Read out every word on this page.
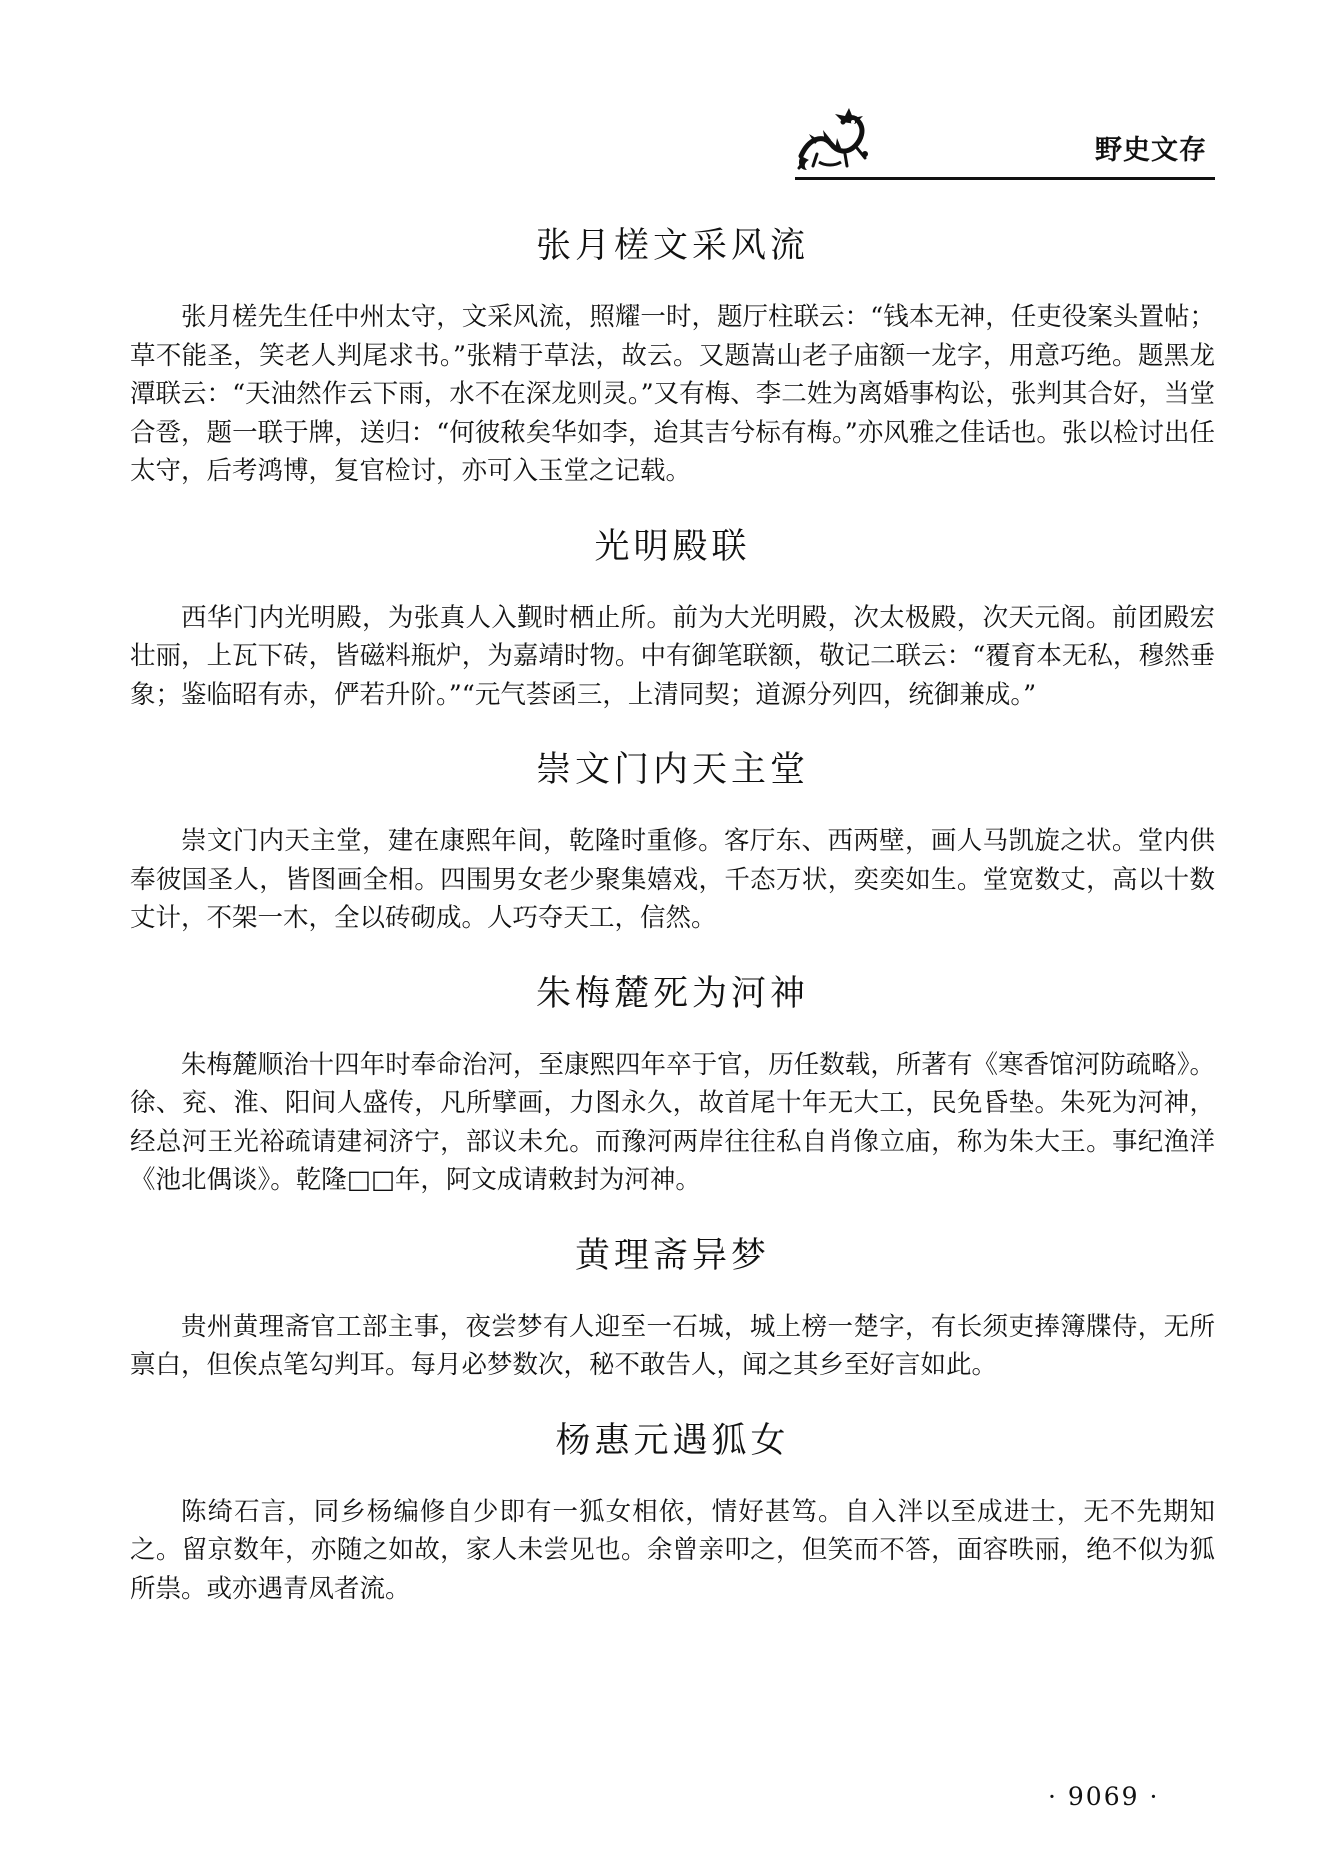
野史文存
张月槎文采风流

张月槎先生任中州太守，文采风流，照耀一时，题厅柱联云：“钱本无神，任吏役案头置帖；草不能圣，笑老人判尾求书。”张精于草法，故云。又题嵩山老子庙额一龙字，用意巧绝。题黑龙潭联云：“天油然作云下雨，水不在深龙则灵。”又有梅、李二姓为离婚事构讼，张判其合好，当堂合卺，题一联于牌，送归：“何彼秾矣华如李，迨其吉兮标有梅。”亦风雅之佳话也。张以检讨出任太守，后考鸿博，复官检讨，亦可入玉堂之记载。

光明殿联

西华门内光明殿，为张真人入觐时栖止所。前为大光明殿，次太极殿，次天元阁。前团殿宏壮丽，上瓦下砖，皆磁料瓶炉，为嘉靖时物。中有御笔联额，敬记二联云：“覆育本无私，穆然垂象；鉴临昭有赤，俨若升阶。”“元气荟函三，上清同契；道源分列四，统御兼成。”

崇文门内天主堂

崇文门内天主堂，建在康熙年间，乾隆时重修。客厅东、西两壁，画人马凯旋之状。堂内供奉彼国圣人，皆图画全相。四围男女老少聚集嬉戏，千态万状，奕奕如生。堂宽数丈，高以十数丈计，不架一木，全以砖砌成。人巧夺天工，信然。

朱梅麓死为河神

朱梅麓顺治十四年时奉命治河，至康熙四年卒于官，历任数载，所著有《寒香馆河防疏略》。徐、兖、淮、阳间人盛传，凡所擘画，力图永久，故首尾十年无大工，民免昏垫。朱死为河神，经总河王光裕疏请建祠济宁，部议未允。而豫河两岸往往私自肖像立庙，称为朱大王。事纪渔洋《池北偶谈》。乾隆□□年，阿文成请敕封为河神。

黄理斋异梦

贵州黄理斋官工部主事，夜尝梦有人迎至一石城，城上榜一楚字，有长须吏捧簿牒侍，无所禀白，但俟点笔勾判耳。每月必梦数次，秘不敢告人，闻之其乡至好言如此。

杨惠元遇狐女

陈绮石言，同乡杨编修自少即有一狐女相依，情好甚笃。自入泮以至成进士，无不先期知之。留京数年，亦随之如故，家人未尝见也。余曾亲叩之，但笑而不答，面容昳丽，绝不似为狐所祟。或亦遇青凤者流。

· 9069 ·
